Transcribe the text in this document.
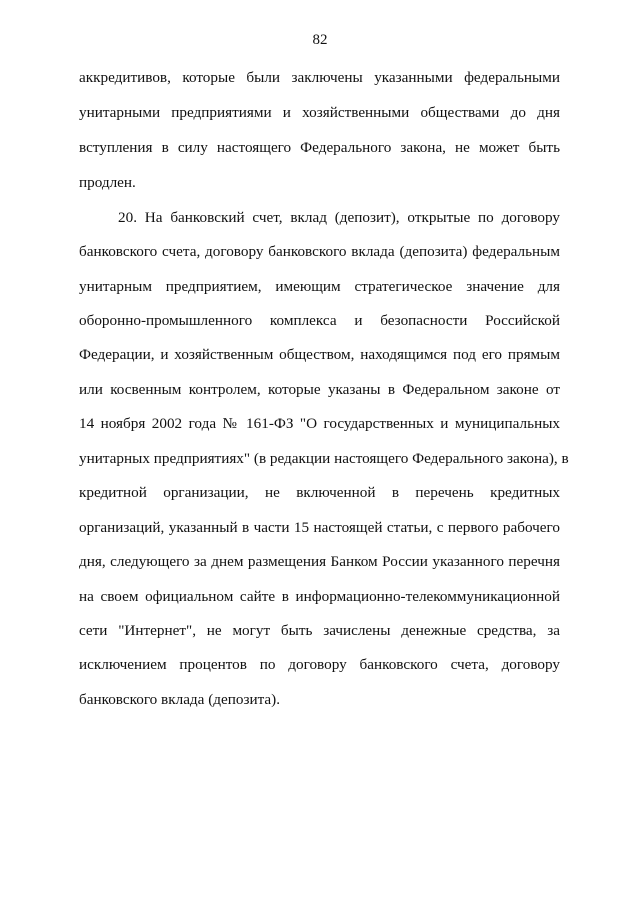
82
аккредитивов, которые были заключены указанными федеральными
унитарными предприятиями и хозяйственными обществами до дня
вступления в силу настоящего Федерального закона, не может быть
продлен.
20. На банковский счет, вклад (депозит), открытые по договору
банковского счета, договору банковского вклада (депозита) федеральным
унитарным предприятием, имеющим стратегическое значение для
оборонно-промышленного комплекса и безопасности Российской
Федерации, и хозяйственным обществом, находящимся под его прямым
или косвенным контролем, которые указаны в Федеральном законе от
14 ноября 2002 года № 161-ФЗ "О государственных и муниципальных
унитарных предприятиях" (в редакции настоящего Федерального закона), в
кредитной организации, не включенной в перечень кредитных
организаций, указанный в части 15 настоящей статьи, с первого рабочего
дня, следующего за днем размещения Банком России указанного перечня
на своем официальном сайте в информационно-телекоммуникационной
сети "Интернет", не могут быть зачислены денежные средства, за
исключением процентов по договору банковского счета, договору
банковского вклада (депозита).
